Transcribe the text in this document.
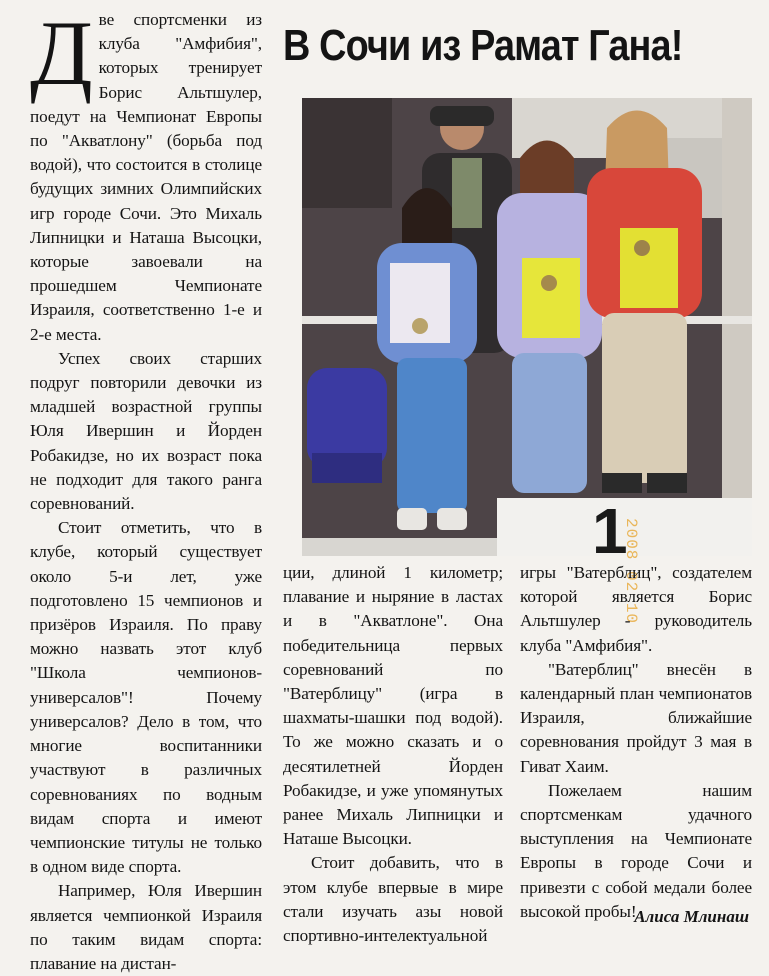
В Сочи из Рамат Гана!

Две спортсменки из клуба "Амфибия", которых тренирует Борис Альтшулер, поедут на Чемпионат Европы по "Акватлону" (борьба под водой), что состоится в столице будущих зимних Олимпийских игр городе Сочи. Это Михаль Липницки и Наташа Высоцки, которые завоевали на прошедшем Чемпионате Израиля, соответственно 1-е и 2-е места.

Успех своих старших подруг повторили девочки из младшей возрастной группы Юля Ивершин и Йорден Робакидзе, но их возраст пока не подходит для такого ранга соревнований.

Стоит отметить, что в клубе, который существует около 5-и лет, уже подготовлено 15 чемпионов и призёров Израиля. По праву можно назвать этот клуб "Школа чемпионов-универсалов"! Почему универсалов? Дело в том, что многие воспитанники участвуют в различных соревнованиях по водным видам спорта и имеют чемпионские титулы не только в одном виде спорта.

Например, Юля Ивершин является чемпионкой Израиля по таким видам спорта: плавание на дистан-

1
2008 02 10

ции, длиной 1 километр; плавание и ныряние в ластах и в "Акватлоне". Она победительница первых соревнований по "Ватерблицу" (игра в шахматы-шашки под водой). То же можно сказать и о десятилетней Йорден Робакидзе, и уже упомянутых ранее Михаль Липницки и Наташе Высоцки.

Стоит добавить, что в этом клубе впервые в мире стали изучать азы новой спортивно-интелектуальной

игры "Ватерблиц", создателем которой является Борис Альтшулер - руководитель клуба "Амфибия".

"Ватерблиц" внесён в календарный план чемпионатов Израиля, ближайшие соревнования пройдут 3 мая в Гиват Хаим.

Пожелаем нашим спортсменкам удачного выступления на Чемпионате Европы в городе Сочи и привезти с собой медали более высокой пробы!

Алиса Млинаш
